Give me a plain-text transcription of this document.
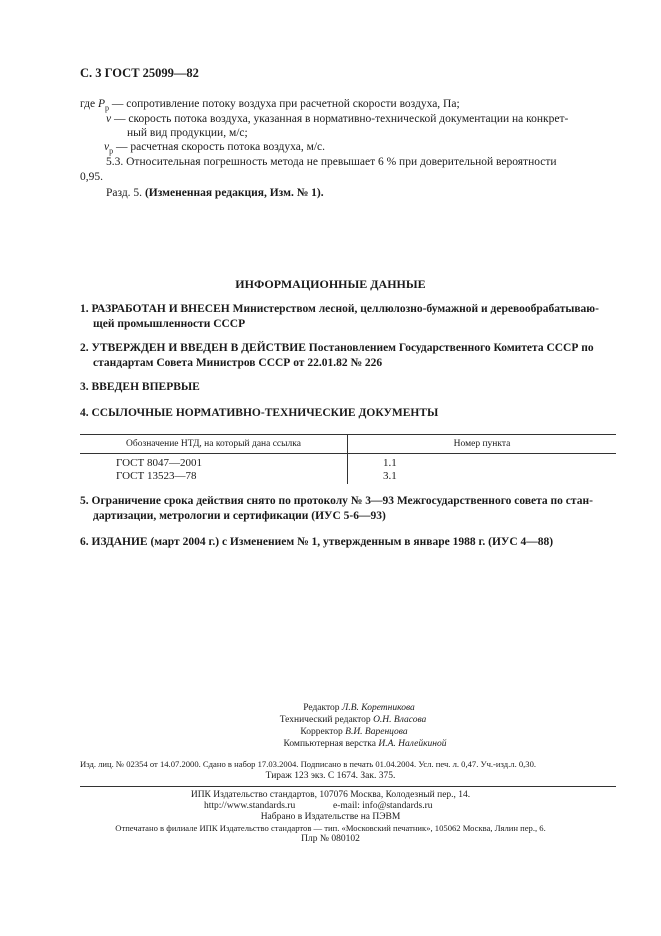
С. 3 ГОСТ 25099—82
где $P_р$ — сопротивление потоку воздуха при расчетной скорости воздуха, Па;
v — скорость потока воздуха, указанная в нормативно-технической документации на конкрет-
ный вид продукции, м/с;
$v_р$ — расчетная скорость потока воздуха, м/с.
5.3. Относительная погрешность метода не превышает 6 % при доверительной вероятности
0,95.
Разд. 5. (Измененная редакция, Изм. № 1).
ИНФОРМАЦИОННЫЕ ДАННЫЕ
1. РАЗРАБОТАН И ВНЕСЕН Министерством лесной, целлюлозно-бумажной и деревообрабатываю-
щей промышленности СССР
2. УТВЕРЖДЕН И ВВЕДЕН В ДЕЙСТВИЕ Постановлением Государственного Комитета СССР по
стандартам Совета Министров СССР от 22.01.82 № 226
3. ВВЕДЕН ВПЕРВЫЕ
4. ССЫЛОЧНЫЕ НОРМАТИВНО-ТЕХНИЧЕСКИЕ ДОКУМЕНТЫ
Обозначение НТД, на который дана ссылка	Номер пункта
ГОСТ 8047—2001	1.1
ГОСТ 13523—78	3.1
5. Ограничение срока действия снято по протоколу № 3—93 Межгосударственного совета по стан-
дартизации, метрологии и сертификации (ИУС 5-6—93)
6. ИЗДАНИЕ (март 2004 г.) с Изменением № 1, утвержденным в январе 1988 г. (ИУС 4—88)
Редактор Л.В. Коретникова
Технический редактор О.Н. Власова
Корректор В.И. Варенцова
Компьютерная верстка И.А. Налейкиной
Изд. лиц. № 02354 от 14.07.2000. Сдано в набор 17.03.2004. Подписано в печать 01.04.2004. Усл. печ. л. 0,47. Уч.-изд.л. 0,30.
Тираж 123 экз. С 1674. Зак. 375.
ИПК Издательство стандартов, 107076 Москва, Колодезный пер., 14.
http://www.standards.ru	e-mail: info@standards.ru
Набрано в Издательстве на ПЭВМ
Отпечатано в филиале ИПК Издательство стандартов — тип. «Московский печатник», 105062 Москва, Лялин пер., 6.
Плр № 080102
